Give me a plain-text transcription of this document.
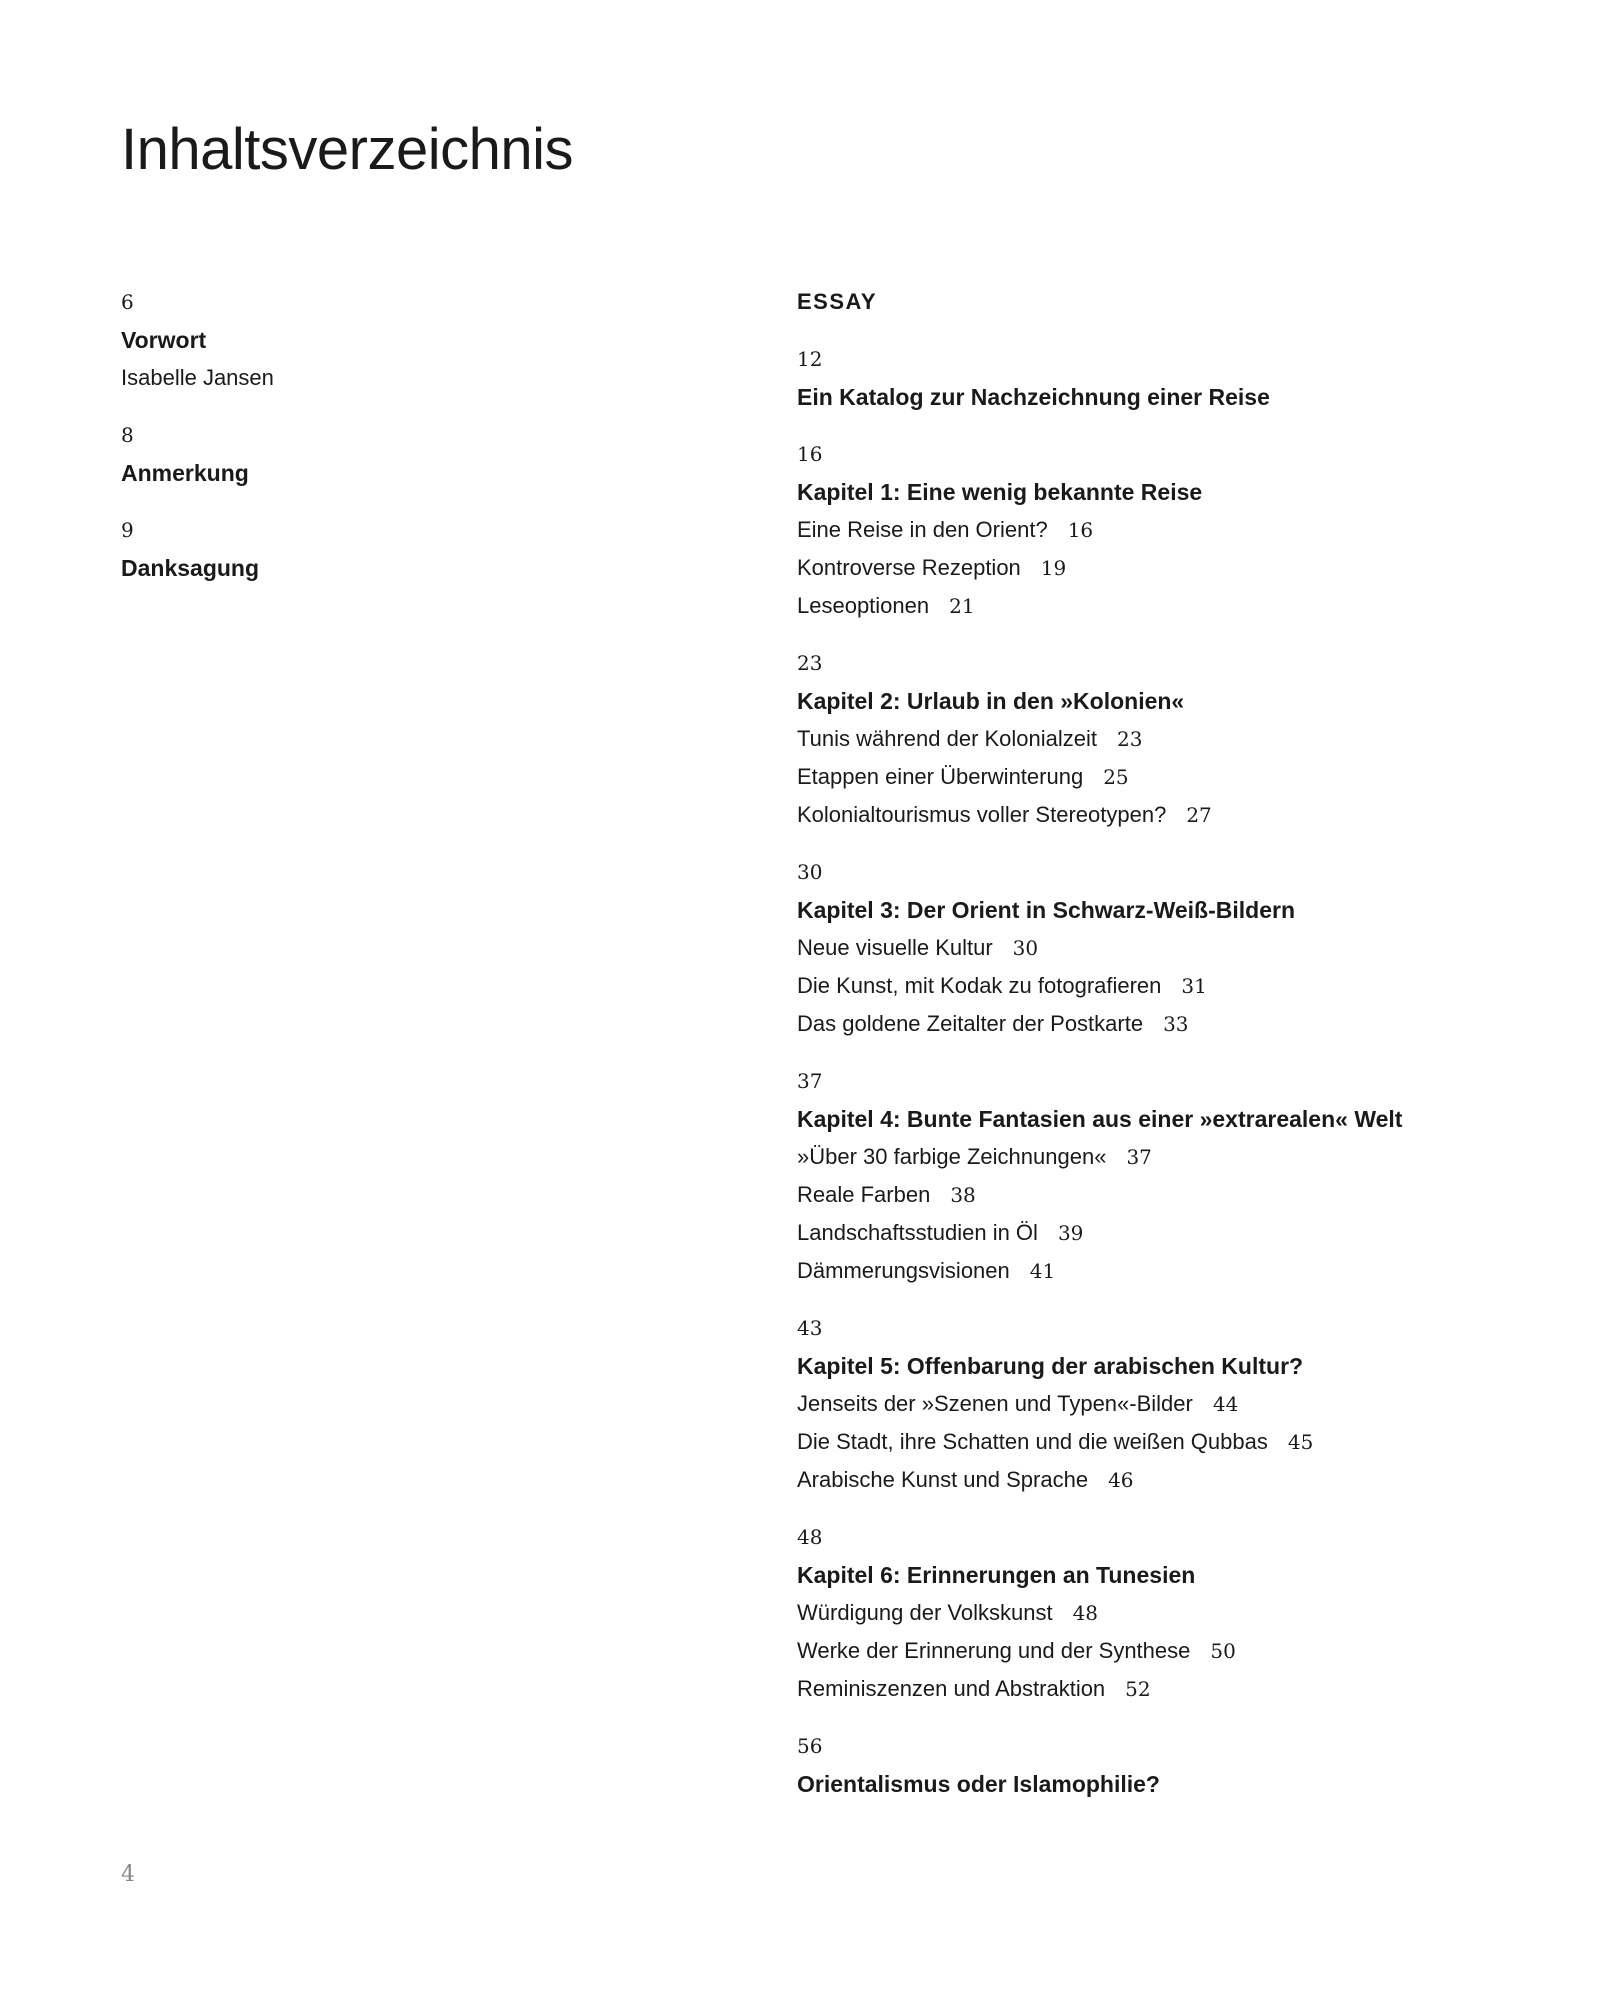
Inhaltsverzeichnis
6
Vorwort
Isabelle Jansen
8
Anmerkung
9
Danksagung
ESSAY
12
Ein Katalog zur Nachzeichnung einer Reise
16
Kapitel 1: Eine wenig bekannte Reise
Eine Reise in den Orient? 16
Kontroverse Rezeption 19
Leseoptionen 21
23
Kapitel 2: Urlaub in den »Kolonien«
Tunis während der Kolonialzeit 23
Etappen einer Überwinterung 25
Kolonialtourismus voller Stereotypen? 27
30
Kapitel 3: Der Orient in Schwarz-Weiß-Bildern
Neue visuelle Kultur 30
Die Kunst, mit Kodak zu fotografieren 31
Das goldene Zeitalter der Postkarte 33
37
Kapitel 4: Bunte Fantasien aus einer »extrarealen« Welt
»Über 30 farbige Zeichnungen« 37
Reale Farben 38
Landschaftsstudien in Öl 39
Dämmerungsvisionen 41
43
Kapitel 5: Offenbarung der arabischen Kultur?
Jenseits der »Szenen und Typen«-Bilder 44
Die Stadt, ihre Schatten und die weißen Qubbas 45
Arabische Kunst und Sprache 46
48
Kapitel 6: Erinnerungen an Tunesien
Würdigung der Volkskunst 48
Werke der Erinnerung und der Synthese 50
Reminiszenzen und Abstraktion 52
56
Orientalismus oder Islamophilie?
4
